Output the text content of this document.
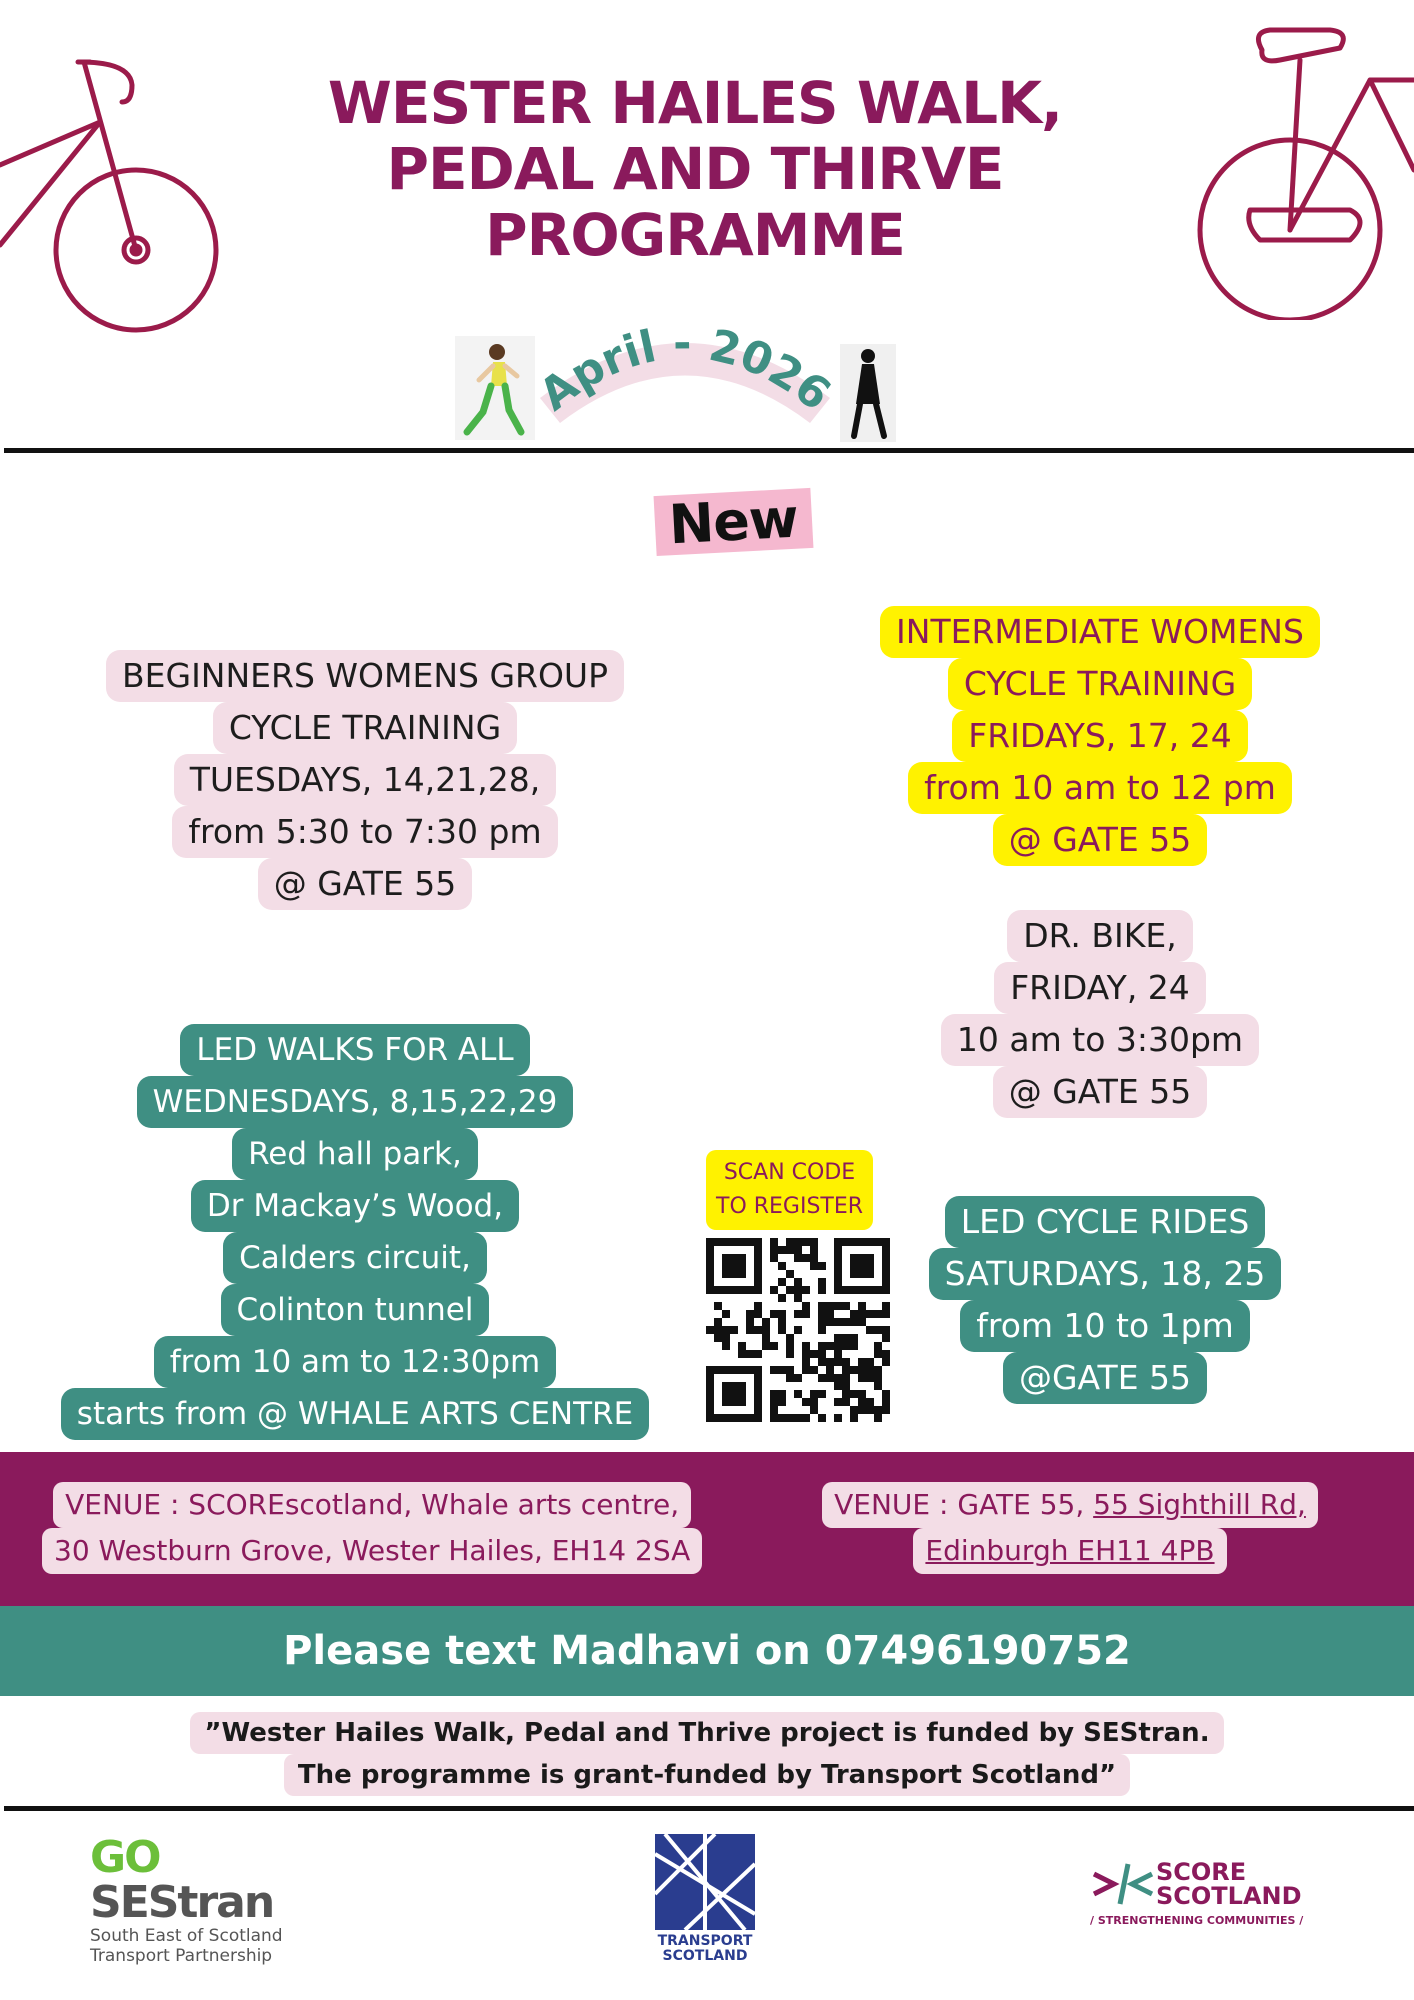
WESTER HAILES WALK,
PEDAL AND THIRVE
PROGRAMME
April - 2026
New
BEGINNERS WOMENS GROUP
CYCLE TRAINING
TUESDAYS, 14,21,28,
from 5:30 to 7:30 pm
@ GATE 55
INTERMEDIATE WOMENS
CYCLE TRAINING
FRIDAYS, 17, 24
from 10 am to 12 pm
@ GATE 55
DR. BIKE,
FRIDAY, 24
10 am to 3:30pm
@ GATE 55
LED WALKS FOR ALL
WEDNESDAYS, 8,15,22,29
Red hall park,
Dr Mackay’s Wood,
Calders circuit,
Colinton tunnel
from 10 am to 12:30pm
starts from @ WHALE ARTS CENTRE
SCAN CODE
TO REGISTER	LED CYCLE RIDES
SATURDAYS, 18, 25
from 10 to 1pm
@GATE 55
VENUE : SCOREscotland, Whale arts centre,
30 Westburn Grove, Wester Hailes, EH14 2SA
VENUE : GATE 55, 55 Sighthill Rd,
Edinburgh EH11 4PB
Please text Madhavi on 07496190752
”Wester Hailes Walk, Pedal and Thrive project is funded by SEStran.
The programme is grant-funded by Transport Scotland”
GO
SEStran
South East of Scotland
Transport Partnership
TRANSPORT
SCOTLAND
SCORE
SCOTLAND
/ STRENGTHENING COMMUNITIES /
